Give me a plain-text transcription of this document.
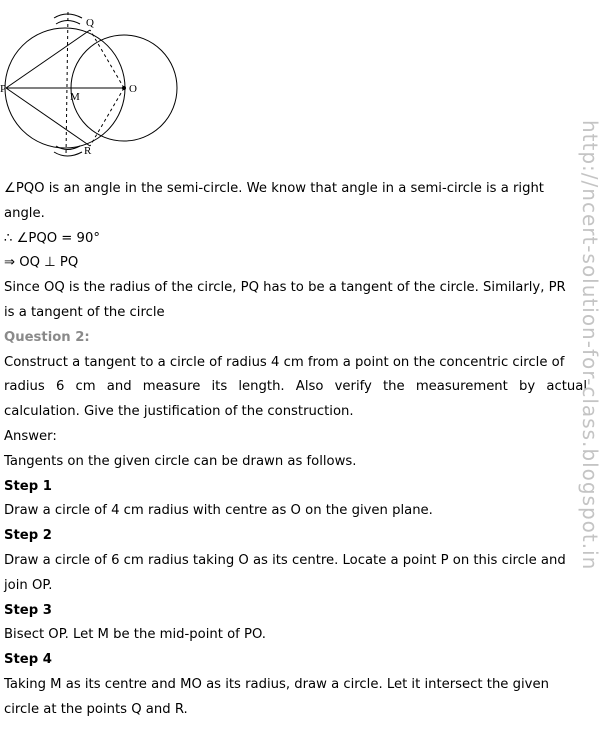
P
Q
O
M
R

∠PQO is an angle in the semi-circle. We know that angle in a semi-circle is a right

angle.

∴ ∠PQO = 90°

⇒ OQ ⊥ PQ

Since OQ is the radius of the circle, PQ has to be a tangent of the circle. Similarly, PR

is a tangent of the circle

Question 2:

Construct a tangent to a circle of radius 4 cm from a point on the concentric circle of

radius 6 cm and measure its length. Also verify the measurement by actual

calculation. Give the justification of the construction.

Answer:

Tangents on the given circle can be drawn as follows.

Step 1

Draw a circle of 4 cm radius with centre as O on the given plane.

Step 2

Draw a circle of 6 cm radius taking O as its centre. Locate a point P on this circle and

join OP.

Step 3

Bisect OP. Let M be the mid-point of PO.

Step 4

Taking M as its centre and MO as its radius, draw a circle. Let it intersect the given

circle at the points Q and R.

http://ncert-solution-for-class.blogspot.in
